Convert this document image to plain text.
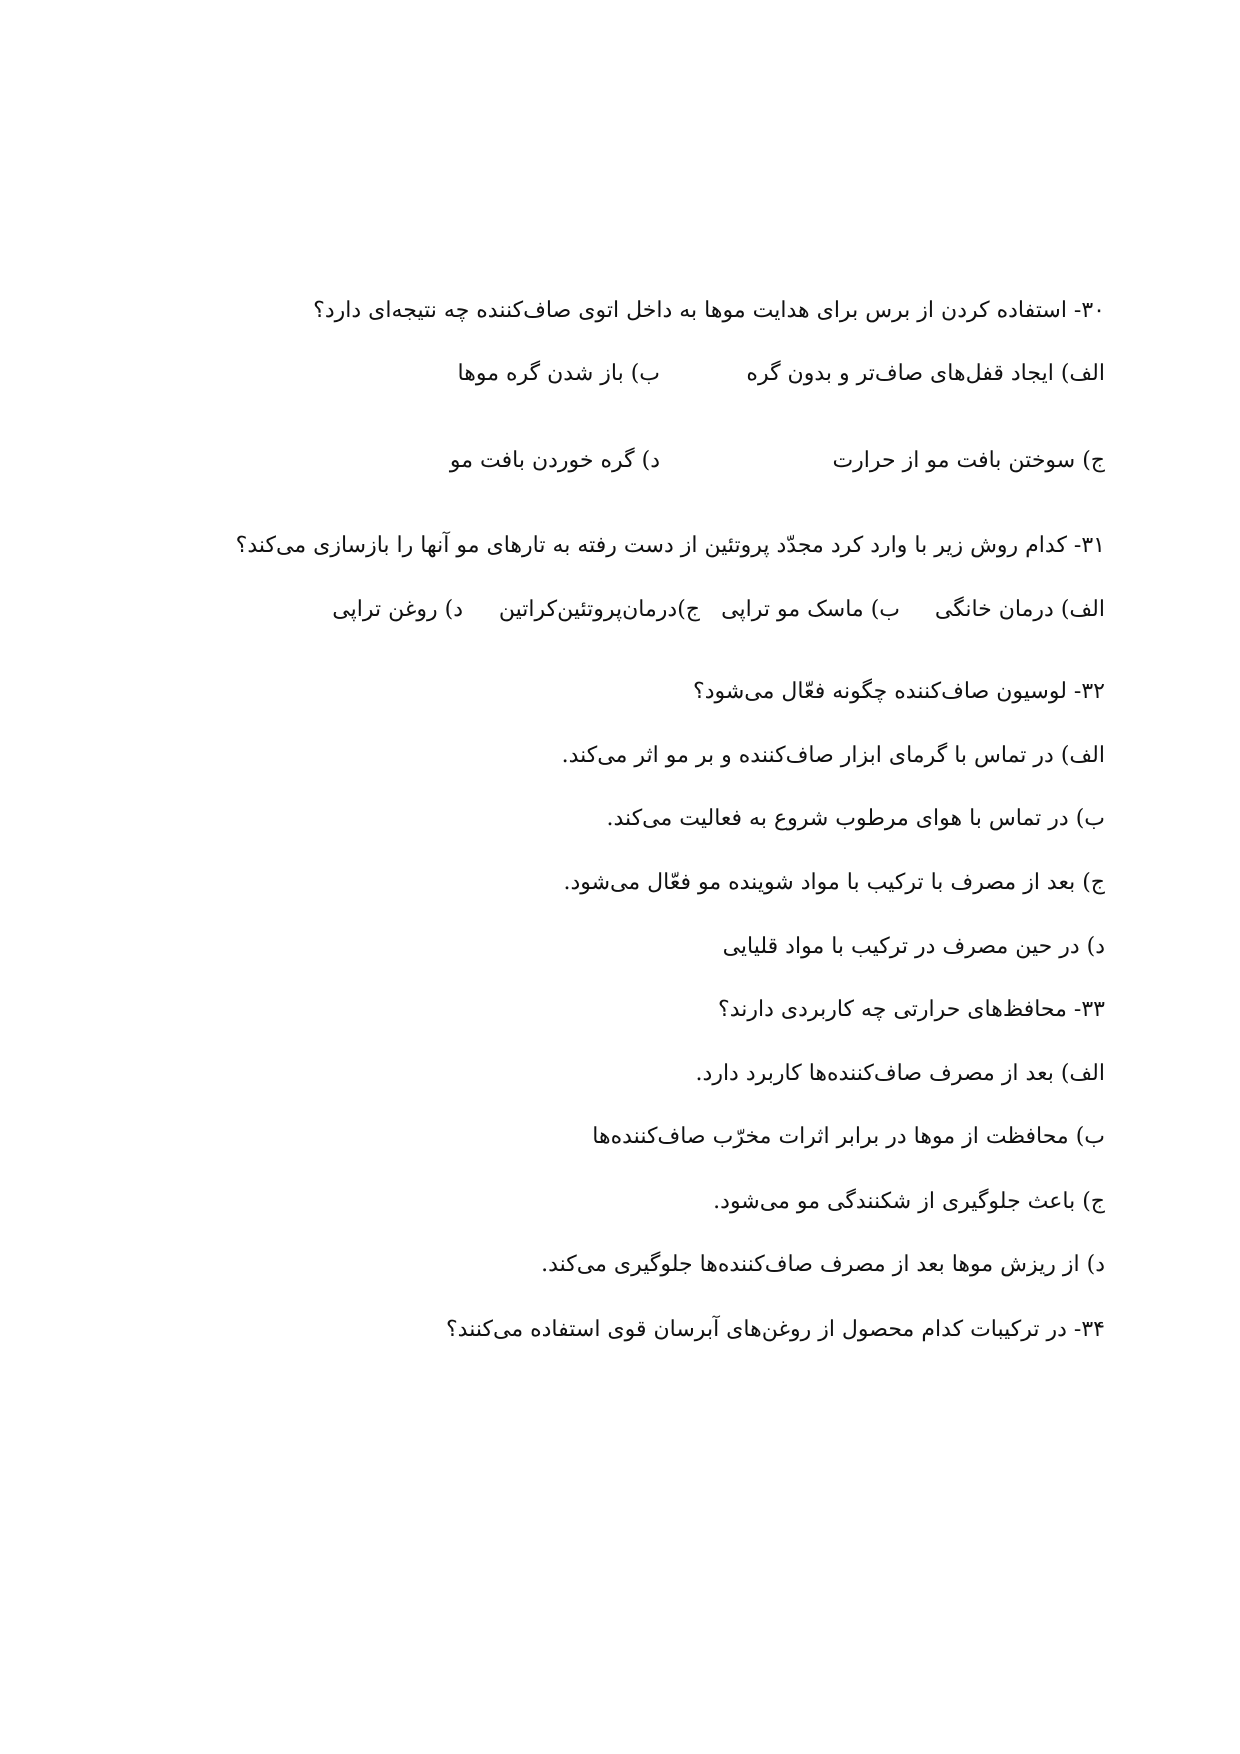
۳۰- استفاده کردن از برس برای هدایت موها به داخل اتوی صاف‌کننده چه نتیجه‌ای دارد؟
الف) ایجاد قفل‌های صاف‌تر و بدون گره
ب) باز شدن گره موها
ج) سوختن بافت مو از حرارت
د) گره خوردن بافت مو
۳۱- کدام روش زیر با وارد کرد مجدّد پروتئین از دست رفته به تارهای مو آنها را بازسازی می‌کند؟
الف) درمان خانگی
ب) ماسک مو تراپی
ج)درمان‌پروتئین‌کراتین
د) روغن تراپی
۳۲- لوسیون صاف‌کننده چگونه فعّال می‌شود؟
الف) در تماس با گرمای ابزار صاف‌کننده و بر مو اثر می‌کند.
ب) در تماس با هوای مرطوب شروع به فعالیت می‌کند.
ج) بعد از مصرف با ترکیب با مواد شوینده مو فعّال می‌شود.
د) در حین مصرف در ترکیب با مواد قلیایی
۳۳- محافظ‌های حرارتی چه کاربردی دارند؟
الف) بعد از مصرف صاف‌کننده‌ها کاربرد دارد.
ب) محافظت از موها در برابر اثرات مخرّب صاف‌کننده‌ها
ج) باعث جلوگیری از شکنندگی مو می‌شود.
د) از ریزش موها بعد از مصرف صاف‌کننده‌ها جلوگیری می‌کند.
۳۴- در ترکیبات کدام محصول از روغن‌های آبرسان قوی استفاده می‌کنند؟
